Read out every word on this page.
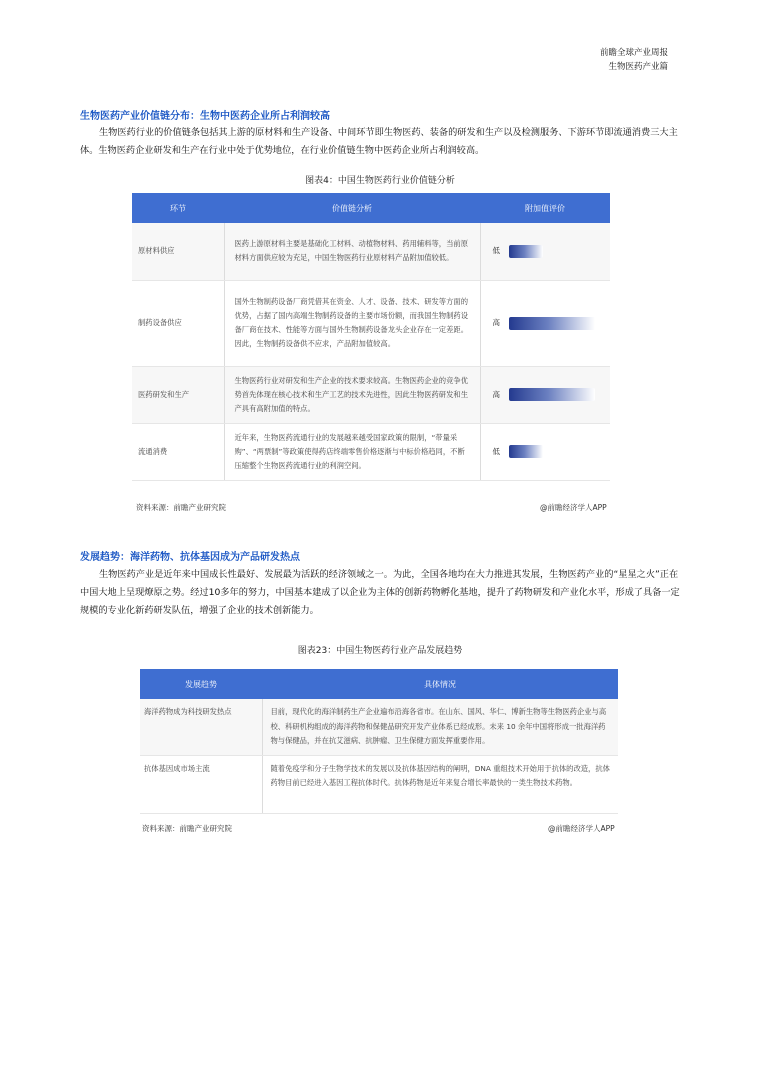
前瞻全球产业周报
生物医药产业篇
生物医药产业价值链分布：生物中医药企业所占利润较高
生物医药行业的价值链条包括其上游的原材料和生产设备、中间环节即生物医药、装备的研发和生产以及检测服务、下游环节即流通消费三大主体。生物医药企业研发和生产在行业中处于优势地位，在行业价值链生物中医药企业所占利润较高。
图表4：中国生物医药行业价值链分析
环节	价值链分析	附加值评价
原材料供应	医药上游原材料主要是基础化工材料、动植物材料、药用辅料等，当前原材料方面供应较为充足，中国生物医药行业原材料产品附加值较低。	低

制药设备供应	国外生物制药设备厂商凭借其在资金、人才、设备、技术、研发等方面的优势，占据了国内高端生物制药设备的主要市场份额，而我国生物制药设备厂商在技术、性能等方面与国外生物制药设备龙头企业存在一定差距。因此，生物制药设备供不应求，产品附加值较高。	高

医药研发和生产	生物医药行业对研发和生产企业的技术要求较高。生物医药企业的竞争优势首先体现在核心技术和生产工艺的技术先进性，因此生物医药研发和生产具有高附加值的特点。	高

流通消费	近年来，生物医药流通行业的发展越来越受国家政策的限制，“带量采购”、“两票制”等政策使得药店终端零售价格逐渐与中标价格趋同，不断压缩整个生物医药流通行业的利润空间。	低
资料来源：前瞻产业研究院	@前瞻经济学人APP
发展趋势：海洋药物、抗体基因成为产品研发热点
生物医药产业是近年来中国成长性最好、发展最为活跃的经济领域之一。为此，全国各地均在大力推进其发展，生物医药产业的“星星之火”正在中国大地上呈现燎原之势。经过10多年的努力，中国基本建成了以企业为主体的创新药物孵化基地，提升了药物研发和产业化水平，形成了具备一定规模的专业化新药研发队伍，增强了企业的技术创新能力。
图表23：中国生物医药行业产品发展趋势
发展趋势	具体情况
海洋药物成为科技研发热点	目前，现代化的海洋制药生产企业遍布沿海各省市。在山东、国风、华仁、博新生物等生物医药企业与高校、科研机构组成的海洋药物和保健品研究开发产业体系已经成形。未来 10 余年中国将形成一批海洋药物与保健品，并在抗艾滋病、抗肿瘤、卫生保健方面发挥重要作用。
抗体基因成市场主流	随着免疫学和分子生物学技术的发展以及抗体基因结构的阐明，DNA 重组技术开始用于抗体的改造，抗体药物目前已经进入基因工程抗体时代。抗体药物是近年来复合增长率最快的一类生物技术药物。
资料来源：前瞻产业研究院	@前瞻经济学人APP
